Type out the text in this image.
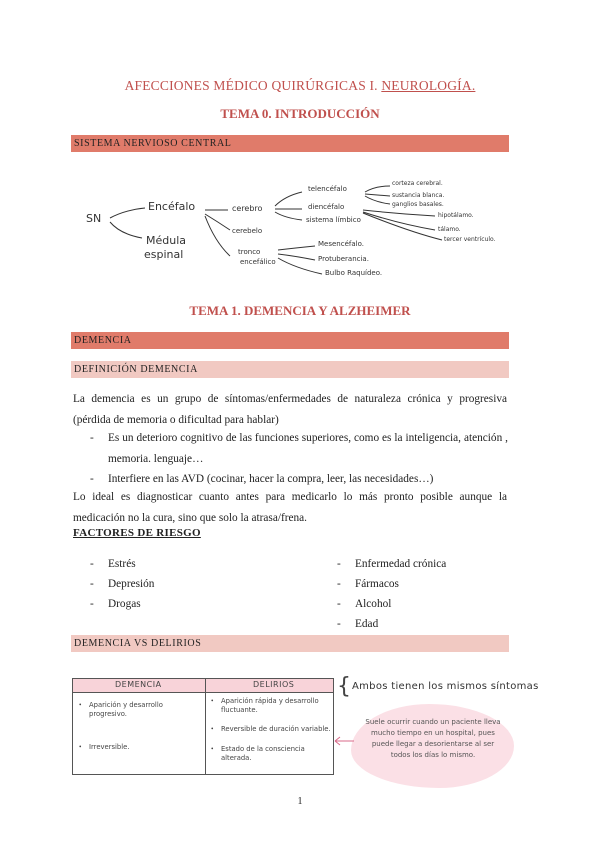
AFECCIONES MÉDICO QUIRÚRGICAS I. NEUROLOGÍA.
TEMA 0. INTRODUCCIÓN
SISTEMA NERVIOSO CENTRAL
SN
Encéfalo
Médula
espinal
cerebro
cerebelo
tronco
encefálico
telencéfalo
diencéfalo
sistema límbico
corteza cerebral.
sustancia blanca.
ganglios basales.
hipotálamo.
tálamo.
tercer ventrículo.
Mesencéfalo.
Protuberancia.
Bulbo Raquídeo.
TEMA 1. DEMENCIA Y ALZHEIMER
DEMENCIA
DEFINICIÓN DEMENCIA
La demencia es un grupo de síntomas/enfermedades de naturaleza crónica y progresiva (pérdida de memoria o dificultad para hablar)
- Es un deterioro cognitivo de las funciones superiores, como es la inteligencia, atención , memoria. lenguaje…
- Interfiere en las AVD (cocinar, hacer la compra, leer, las necesidades…)
Lo ideal es diagnosticar cuanto antes para medicarlo lo más pronto posible aunque la medicación no la cura, sino que solo la atrasa/frena.
FACTORES DE RIESGO
- Estrés
- Depresión
- Drogas
- Enfermedad crónica
- Fármacos
- Alcohol
- Edad
DEMENCIA VS DELIRIOS
DEMENCIA	DELIRIOS
• Aparición y desarrollo progresivo.
• Irreversible.
• Aparición rápida y desarrollo fluctuante.
• Reversible de duración variable.
• Estado de la consciencia alterada.
{ Ambos tienen los mismos síntomas
Suele ocurrir cuando un paciente lleva mucho tiempo en un hospital, pues puede llegar a desorientarse al ser todos los días lo mismo.
1
